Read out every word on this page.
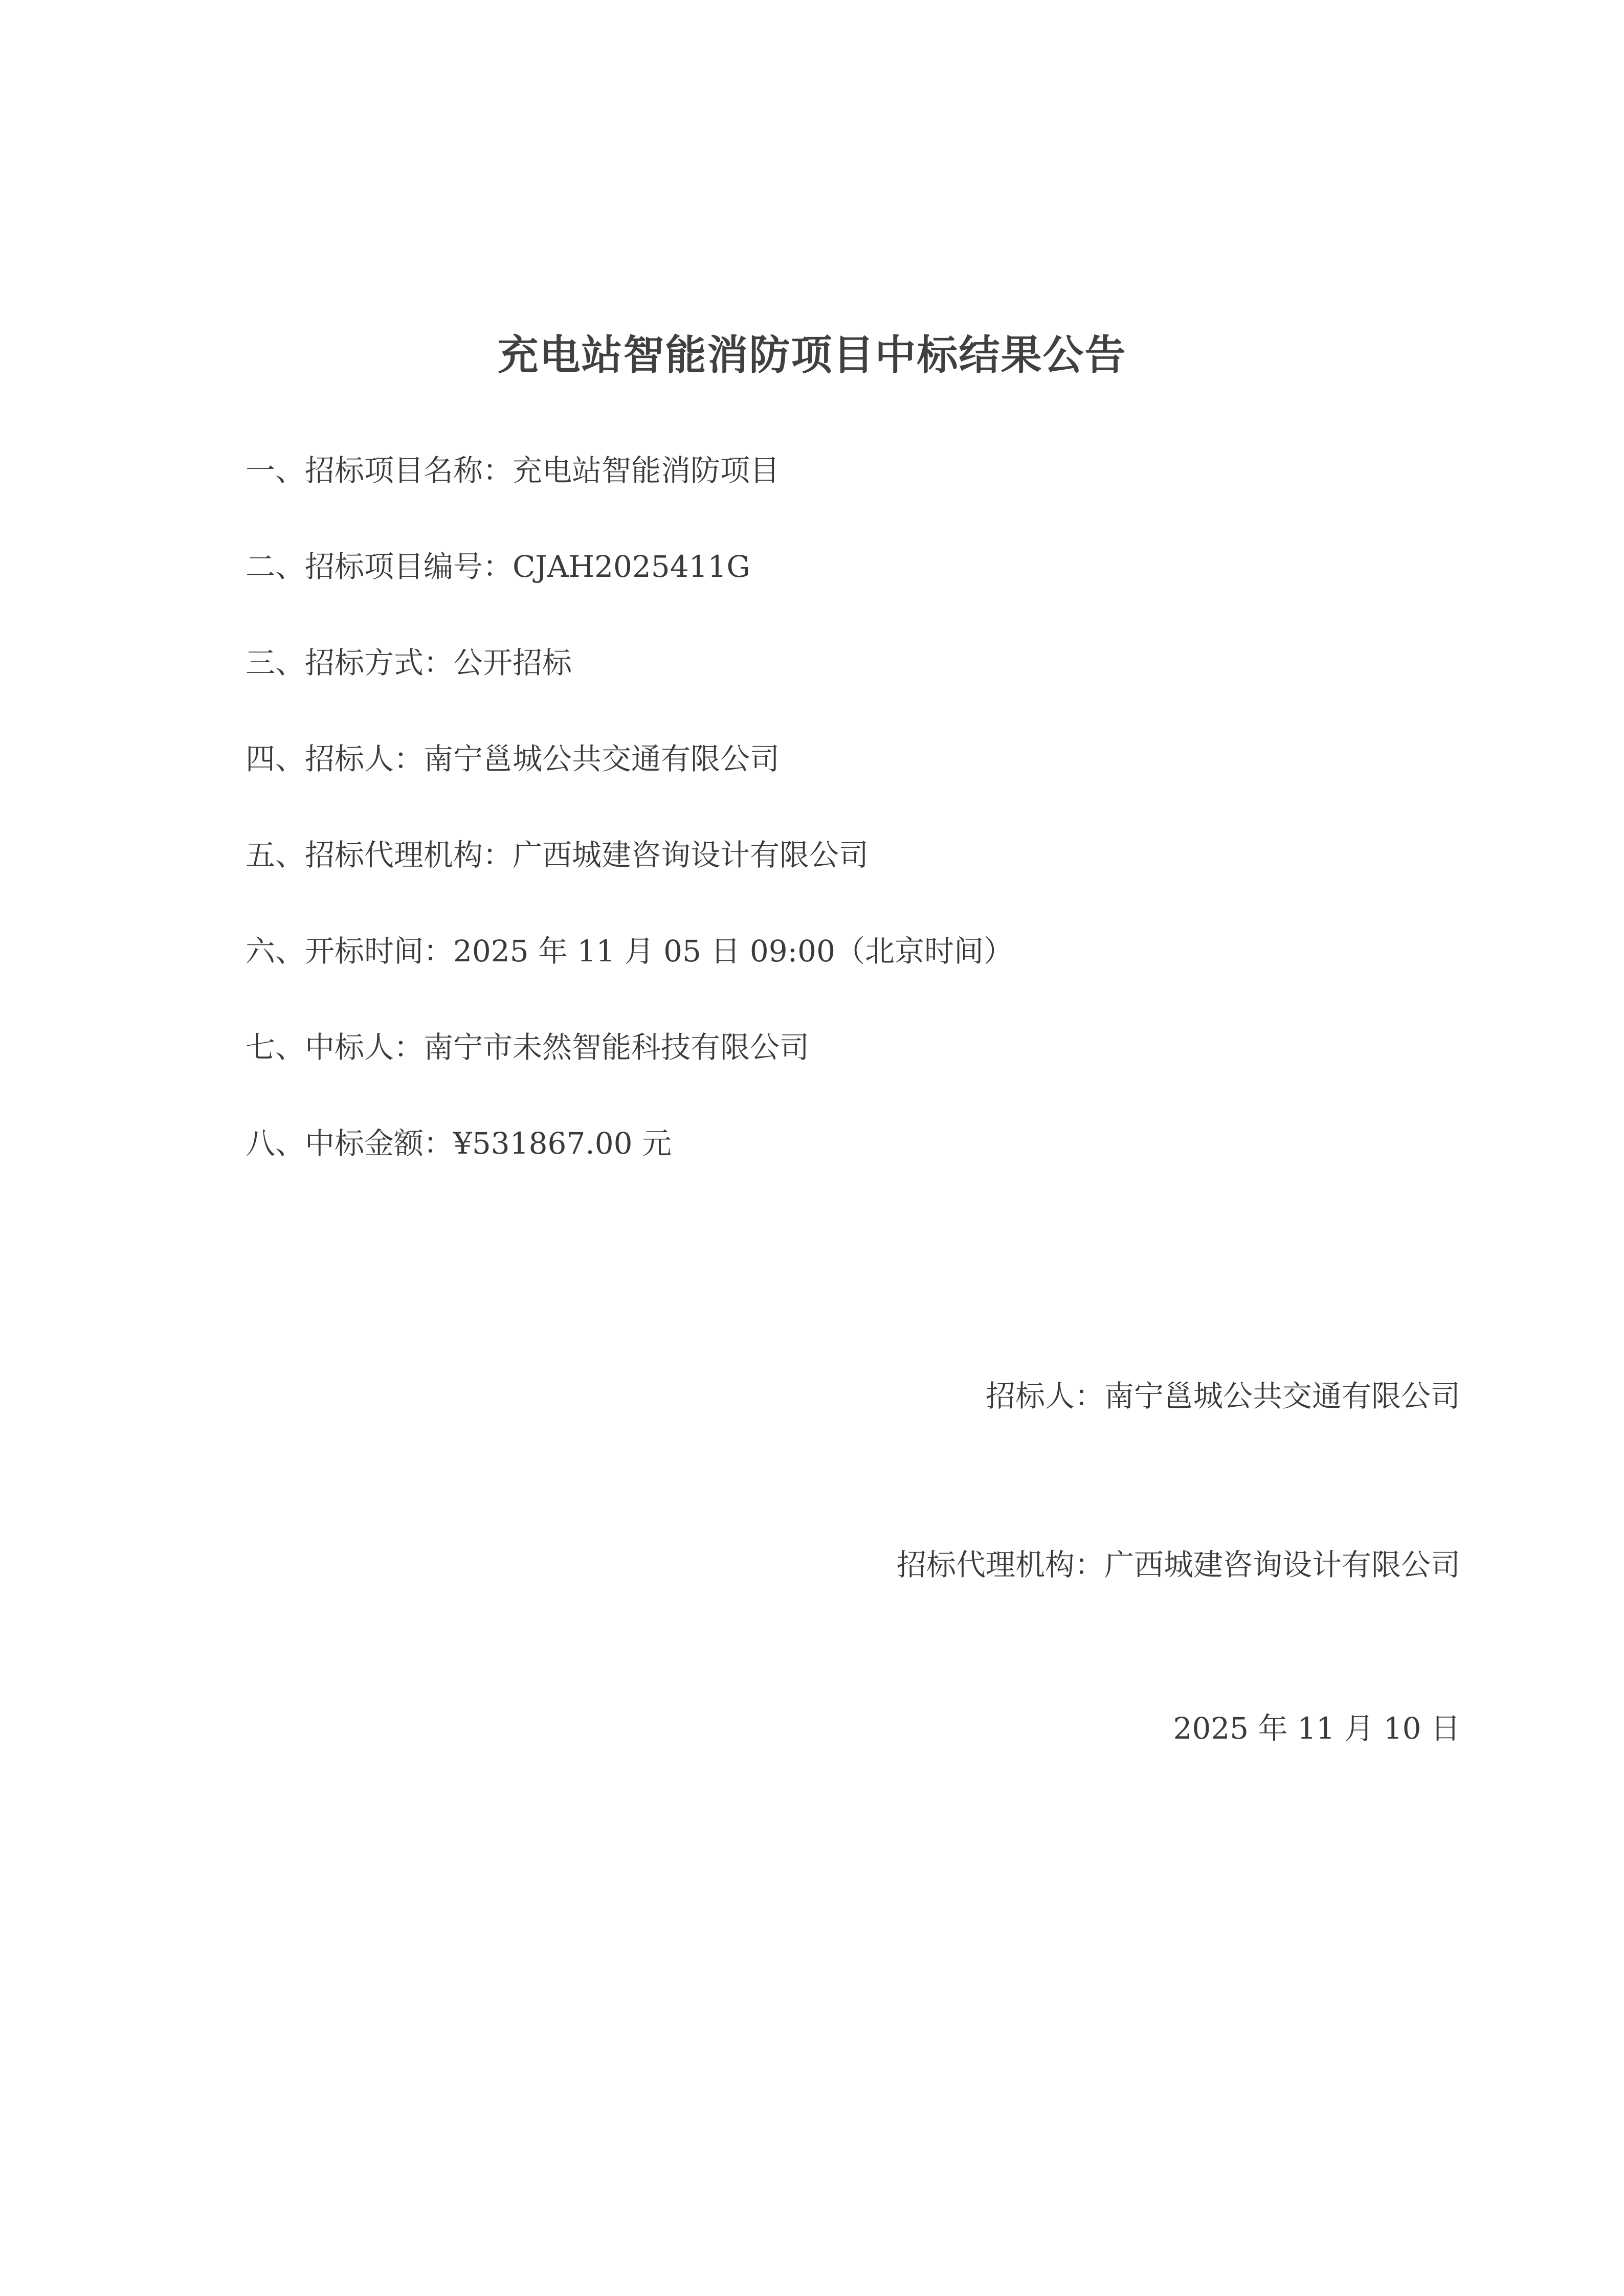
充电站智能消防项目中标结果公告
一、招标项目名称：充电站智能消防项目
二、招标项目编号：CJAH2025411G
三、招标方式：公开招标
四、招标人：南宁邕城公共交通有限公司
五、招标代理机构：广西城建咨询设计有限公司
六、开标时间：2025 年 11 月 05 日 09:00（北京时间）
七、中标人：南宁市未然智能科技有限公司
八、中标金额：¥531867.00 元
招标人：南宁邕城公共交通有限公司
招标代理机构：广西城建咨询设计有限公司
2025 年 11 月 10 日
